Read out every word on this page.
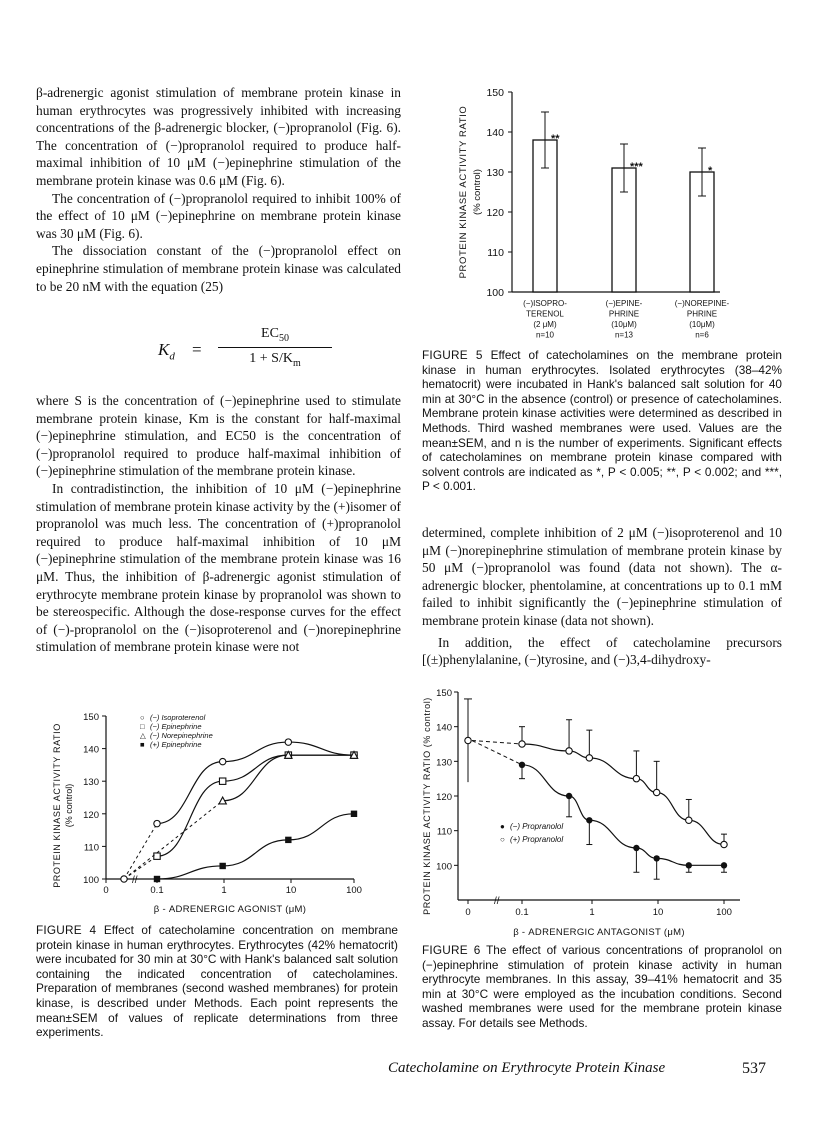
β-adrenergic agonist stimulation of membrane protein kinase in human erythrocytes was progressively inhibited with increasing concentrations of the β-adrenergic blocker, (−)propranolol (Fig. 6). The concentration of (−)propranolol required to produce half-maximal inhibition of 10 μM (−)epinephrine stimulation of the membrane protein kinase was 0.6 μM (Fig. 6).

The concentration of (−)propranolol required to inhibit 100% of the effect of 10 μM (−)epinephrine on membrane protein kinase was 30 μM (Fig. 6).

The dissociation constant of the (−)propranolol effect on epinephrine stimulation of membrane protein kinase was calculated to be 20 nM with the equation (25)

$K_d$ =
$EC_{50}$
$1 + S/K_m$

where S is the concentration of (−)epinephrine used to stimulate membrane protein kinase, Km is the constant for half-maximal (−)epinephrine stimulation, and EC50 is the concentration of (−)propranolol required to produce half-maximal inhibition of (−)epinephrine stimulation of the membrane protein kinase.

In contradistinction, the inhibition of 10 μM (−)epinephrine stimulation of membrane protein kinase activity by the (+)isomer of propranolol was much less. The concentration of (+)propranolol required to produce half-maximal inhibition of 10 μM (−)epinephrine stimulation of the membrane protein kinase was 16 μM. Thus, the inhibition of β-adrenergic agonist stimulation of erythrocyte membrane protein kinase by propranolol was shown to be stereospecific. Although the dose-response curves for the effect of (−)-propranolol on the (−)isoproterenol and (−)norepinephrine stimulation of membrane protein kinase were not

determined, complete inhibition of 2 μM (−)isoproterenol and 10 μM (−)norepinephrine stimulation of membrane protein kinase by 50 μM (−)propranolol was found (data not shown). The α-adrenergic blocker, phentolamine, at concentrations up to 0.1 mM failed to inhibit significantly the (−)epinephrine stimulation of membrane protein kinase (data not shown).

In addition, the effect of catecholamine precursors [(±)phenylalanine, (−)tyrosine, and (−)3,4-dihydroxy-

100
110
120
130
140
150
PROTEIN KINASE ACTIVITY RATIO (% control)
**
(−)ISOPRO-
TERENOL
(2 μM)
n=10
***
(−)EPINE-
PHRINE
(10μM)
n=13
*
(−)NOREPINE-
PHRINE
(10μM)
n=6
FIGURE 5 Effect of catecholamines on the membrane protein kinase in human erythrocytes. Isolated erythrocytes (38–42% hematocrit) were incubated in Hank's balanced salt solution for 40 min at 30°C in the absence (control) or presence of catecholamines. Membrane protein kinase activities were determined as described in Methods. Third washed membranes were used. Values are the mean±SEM, and n is the number of experiments. Significant effects of catecholamines on membrane protein kinase compared with solvent controls are indicated as *, P < 0.005; **, P < 0.002; and ***, P < 0.001.
100
110
120
130
140
150
0	0.1	1	10	100
//
β - ADRENERGIC AGONIST (μM)
PROTEIN KINASE ACTIVITY RATIO (% control)
○ (−) Isoproterenol
□ (−) Epinephrine
△ (−) Norepinephrine
■ (+) Epinephrine
FIGURE 4 Effect of catecholamine concentration on membrane protein kinase in human erythrocytes. Erythrocytes (42% hematocrit) were incubated for 30 min at 30°C with Hank's balanced salt solution containing the indicated concentration of catecholamines. Preparation of membranes (second washed membranes) for protein kinase, is described under Methods. Each point represents the mean±SEM of values of replicate determinations from three experiments.
100
110
120
130
140
150
0	0.1	1	10	100
//
β - ADRENERGIC ANTAGONIST (μM)
PROTEIN KINASE ACTIVITY RATIO (% control)	● (−) Propranolol
○ (+) Propranolol
FIGURE 6 The effect of various concentrations of propranolol on (−)epinephrine stimulation of protein kinase activity in human erythrocyte membranes. In this assay, 39–41% hematocrit and 35 min at 30°C were employed as the incubation conditions. Second washed membranes were used for the membrane protein kinase assay. For details see Methods.
Catecholamine on Erythrocyte Protein Kinase	537
